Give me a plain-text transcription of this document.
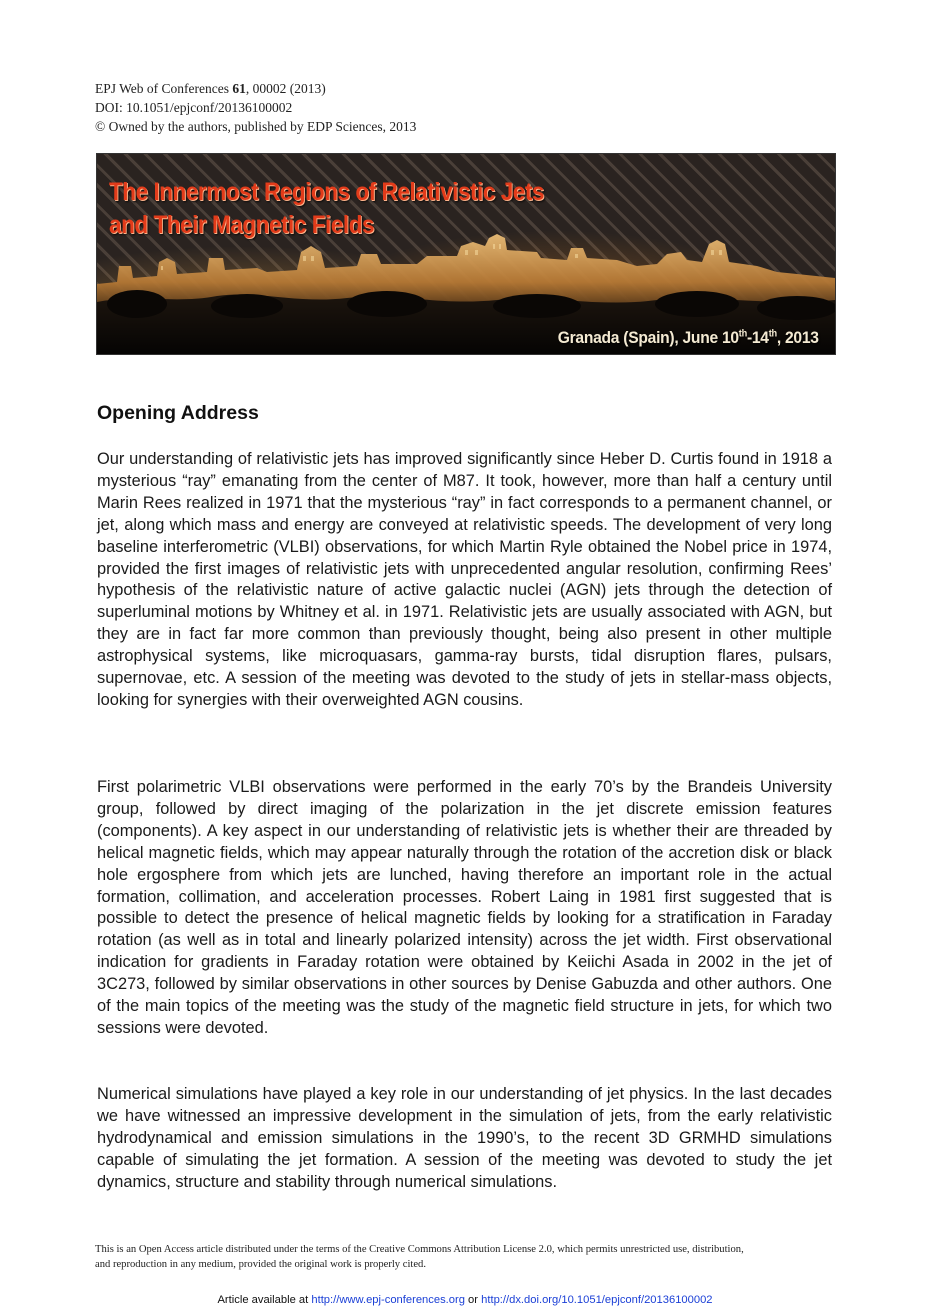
EPJ Web of Conferences 61, 00002 (2013)
DOI: 10.1051/epjconf/20136100002
© Owned by the authors, published by EDP Sciences, 2013
The Innermost Regions of Relativistic Jets
and Their Magnetic Fields
Granada (Spain), June 10th-14th, 2013
Opening Address

Our understanding of relativistic jets has improved significantly since Heber D. Curtis found in 1918 a mysterious “ray” emanating from the center of M87. It took, however, more than half a century until Marin Rees realized in 1971 that the mysterious “ray” in fact corresponds to a permanent channel, or jet, along which mass and energy are conveyed at relativistic speeds. The development of very long baseline interferometric (VLBI) observations, for which Martin Ryle obtained the Nobel price in 1974, provided the first images of relativistic jets with unprecedented angular resolution, confirming Rees’ hypothesis of the relativistic nature of active galactic nuclei (AGN) jets through the detection of superluminal motions by Whitney et al. in 1971. Relativistic jets are usually associated with AGN, but they are in fact far more common than previously thought, being also present in other multiple astrophysical systems, like microquasars, gamma-ray bursts, tidal disruption flares, pulsars, supernovae, etc. A session of the meeting was devoted to the study of jets in stellar-mass objects, looking for synergies with their overweighted AGN cousins.

First polarimetric VLBI observations were performed in the early 70’s by the Brandeis University group, followed by direct imaging of the polarization in the jet discrete emission features (components). A key aspect in our understanding of relativistic jets is whether their are threaded by helical magnetic fields, which may appear naturally through the rotation of the accretion disk or black hole ergosphere from which jets are lunched, having therefore an important role in the actual formation, collimation, and acceleration processes. Robert Laing in 1981 first suggested that is possible to detect the presence of helical magnetic fields by looking for a stratification in Faraday rotation (as well as in total and linearly polarized intensity) across the jet width. First observational indication for gradients in Faraday rotation were obtained by Keiichi Asada in 2002 in the jet of 3C273, followed by similar observations in other sources by Denise Gabuzda and other authors. One of the main topics of the meeting was the study of the magnetic field structure in jets, for which two sessions were devoted.

Numerical simulations have played a key role in our understanding of jet physics. In the last decades we have witnessed an impressive development in the simulation of jets, from the early relativistic hydrodynamical and emission simulations in the 1990’s, to the recent 3D GRMHD simulations capable of simulating the jet formation. A session of the meeting was devoted to study the jet dynamics, structure and stability through numerical simulations.

This is an Open Access article distributed under the terms of the Creative Commons Attribution License 2.0, which permits unrestricted use, distribution,
and reproduction in any medium, provided the original work is properly cited.
Article available at http://www.epj-conferences.org or http://dx.doi.org/10.1051/epjconf/20136100002
